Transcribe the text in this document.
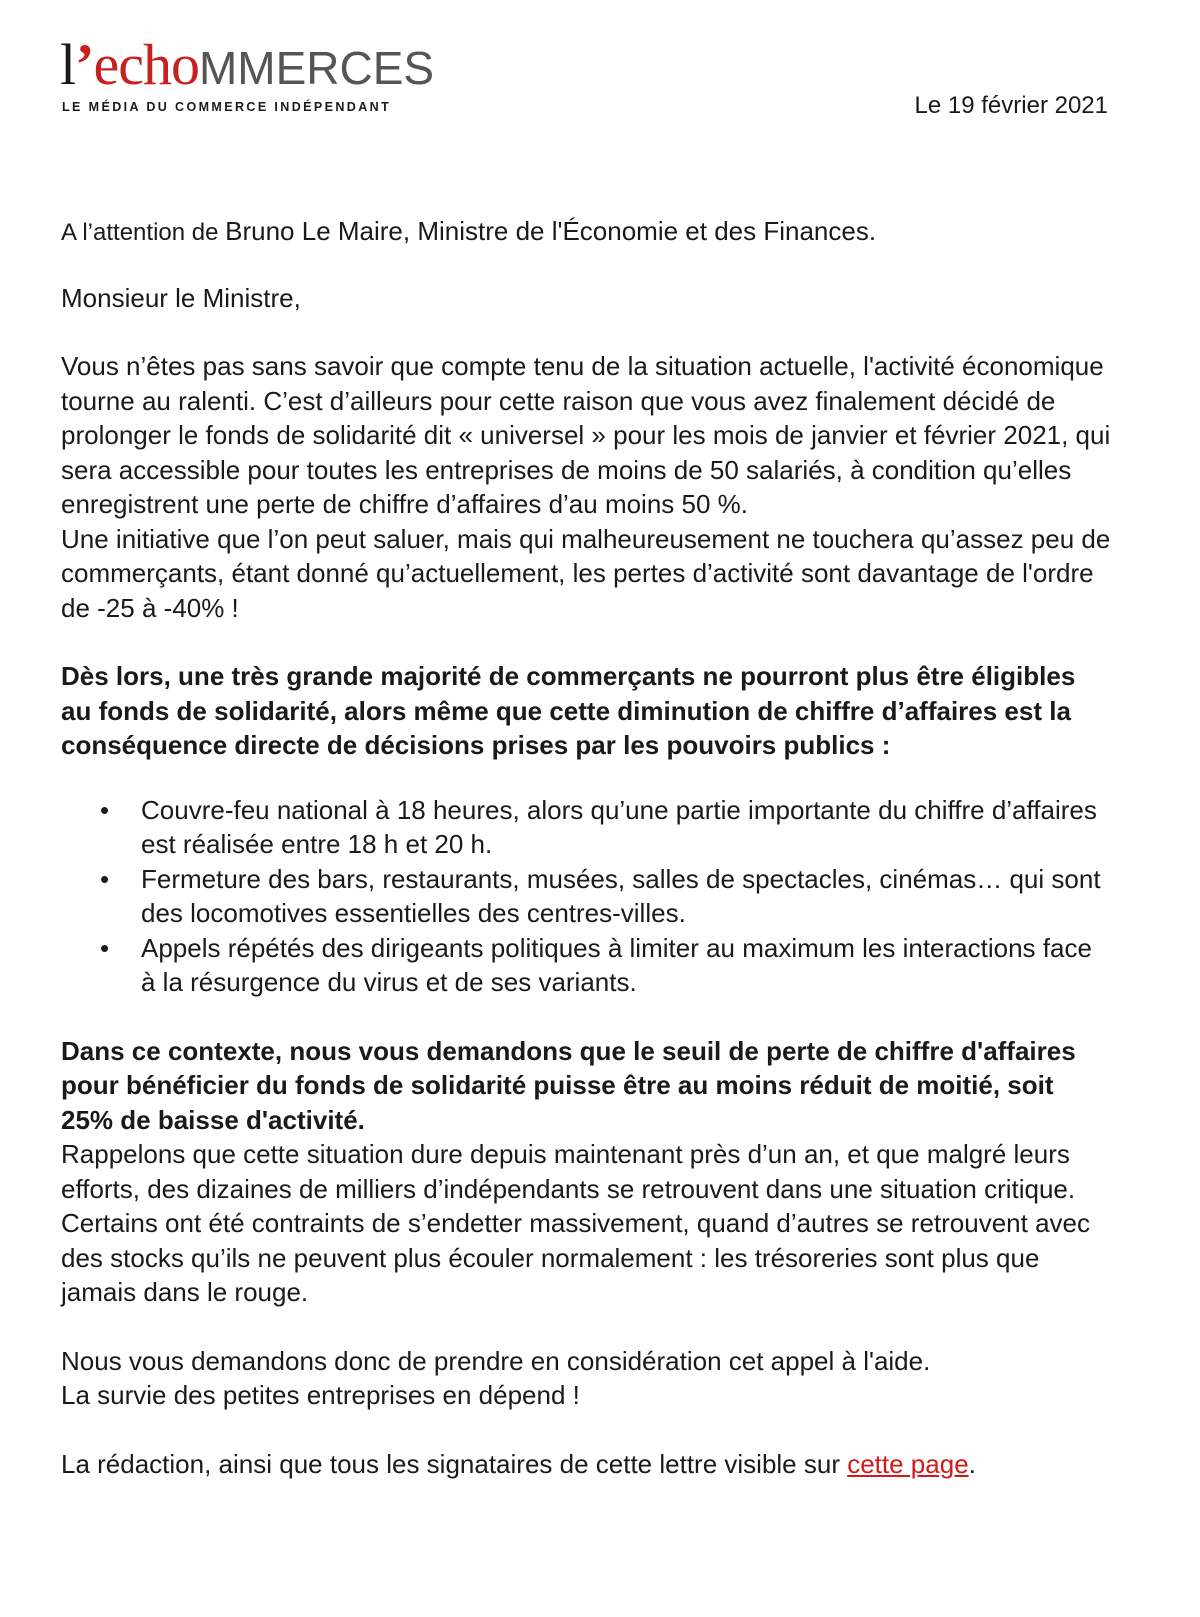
l’echoMMERCES
LE MÉDIA DU COMMERCE INDÉPENDANT	Le 19 février 2021

A l’attention de Bruno Le Maire, Ministre de l'Économie et des Finances.

Monsieur le Ministre,

Vous n’êtes pas sans savoir que compte tenu de la situation actuelle, l'activité économique tourne au ralenti. C’est d’ailleurs pour cette raison que vous avez finalement décidé de prolonger le fonds de solidarité dit « universel » pour les mois de janvier et février 2021, qui sera accessible pour toutes les entreprises de moins de 50 salariés, à condition qu’elles enregistrent une perte de chiffre d’affaires d’au moins 50 %.

Une initiative que l’on peut saluer, mais qui malheureusement ne touchera qu’assez peu de commerçants, étant donné qu’actuellement, les pertes d’activité sont davantage de l'ordre de -25 à -40% !

Dès lors, une très grande majorité de commerçants ne pourront plus être éligibles au fonds de solidarité, alors même que cette diminution de chiffre d’affaires est la conséquence directe de décisions prises par les pouvoirs publics :

• Couvre-feu national à 18 heures, alors qu’une partie importante du chiffre d’affaires est réalisée entre 18 h et 20 h.
• Fermeture des bars, restaurants, musées, salles de spectacles, cinémas… qui sont des locomotives essentielles des centres-villes.
• Appels répétés des dirigeants politiques à limiter au maximum les interactions face à la résurgence du virus et de ses variants.

Dans ce contexte, nous vous demandons que le seuil de perte de chiffre d'affaires pour bénéficier du fonds de solidarité puisse être au moins réduit de moitié, soit 25% de baisse d'activité.

Rappelons que cette situation dure depuis maintenant près d’un an, et que malgré leurs efforts, des dizaines de milliers d’indépendants se retrouvent dans une situation critique. Certains ont été contraints de s’endetter massivement, quand d’autres se retrouvent avec des stocks qu’ils ne peuvent plus écouler normalement : les trésoreries sont plus que jamais dans le rouge.

Nous vous demandons donc de prendre en considération cet appel à l'aide.
La survie des petites entreprises en dépend !

La rédaction, ainsi que tous les signataires de cette lettre visible sur cette page.
